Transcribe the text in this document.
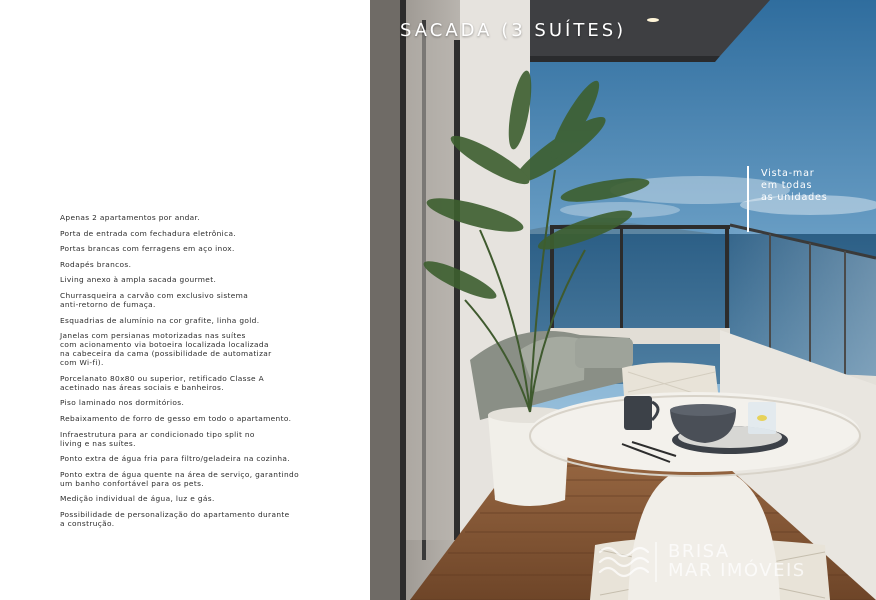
Apenas 2 apartamentos por andar.
Porta de entrada com fechadura eletrônica.
Portas brancas com ferragens em aço inox.
Rodapés brancos.
Living anexo à ampla sacada gourmet.
Churrasqueira a carvão com exclusivo sistema
anti-retorno de fumaça.
Esquadrias de alumínio na cor grafite, linha gold.
Janelas com persianas motorizadas nas suítes
com acionamento via botoeira localizada localizada
na cabeceira da cama (possibilidade de automatizar
com Wi-fi).
Porcelanato 80x80 ou superior, retificado Classe A
acetinado nas áreas sociais e banheiros.
Piso laminado nos dormitórios.
Rebaixamento de forro de gesso em todo o apartamento.
Infraestrutura para ar condicionado tipo split no
living e nas suítes.
Ponto extra de água fria para filtro/geladeira na cozinha.
Ponto extra de água quente na área de serviço, garantindo
um banho confortável para os pets.
Medição individual de água, luz e gás.
Possibilidade de personalização do apartamento durante
a construção.
SACADA (3 SUÍTES)
Vista-mar
em todas
as unidades
BRISA
MAR IMÓVEIS
